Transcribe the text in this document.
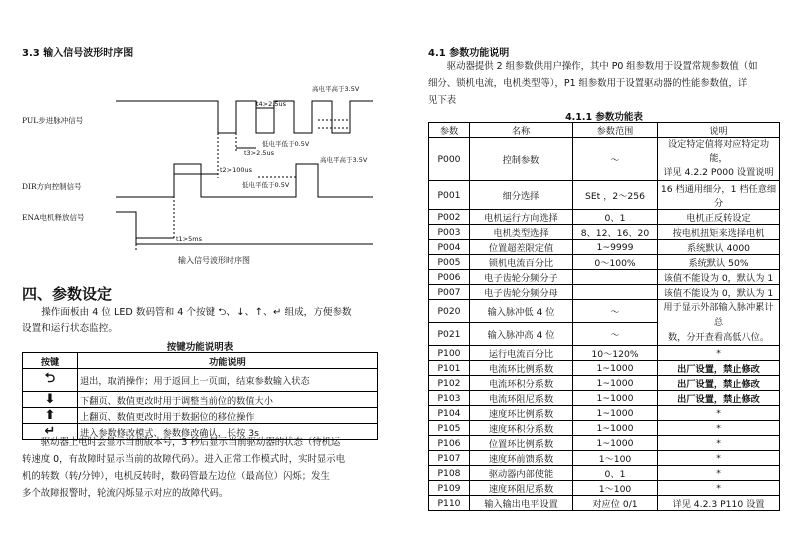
3.3 输入信号波形时序图
PUL步进脉冲信号
DIR方向控制信号
ENA电机释放信号
t4>2.5us
高电平高于3.5V
低电平低于0.5V
t3>2.5us
高电平高于3.5V
t2>100us
低电平低于0.5V
t1>5ms
输入信号波形时序图
四、参数设定
操作面板由 4 位 LED 数码管和 4 个按键 ⮌、↓、↑、↵ 组成，方便参数
设置和运行状态监控。
按键功能说明表
按键	功能说明
⮌	退出，取消操作；用于返回上一页面，结束参数输入状态
⬇	下翻页、数值更改时用于调整当前位的数值大小
⬆	上翻页、数值更改时用于数据位的移位操作
↵	进入参数修改模式、参数修改确认，长按 3s
驱动器上电时会显示当前版本号，3 秒后显示当前驱动器的状态（待机运
转速度 0，有故障时显示当前的故障代码）。进入正常工作模式时，实时显示电
机的转数（转/分钟），电机反转时，数码管最左边位（最高位）闪烁；发生
多个故障报警时，轮流闪烁显示对应的故障代码。
4.1 参数功能说明
驱动器提供 2 组参数供用户操作，其中 P0 组参数用于设置常规参数值（如
细分、锁机电流，电机类型等），P1 组参数用于设置驱动器的性能参数值，详
见下表
4.1.1 参数功能表
参数	名称	参数范围	说明
P000	控制参数	～	设定特定值将对应特定功能，
详见 4.2.2 P000 设置说明
P001	细分选择	SEt ，2～256	16 档通用细分，1 档任意细分
P002	电机运行方向选择	0、1	电机正反转设定
P003	电机类型选择	8、12、16、20	按电机扭矩来选择电机
P004	位置超差限定值	1~9999	系统默认 4000
P005	锁机电流百分比	0～100%	系统默认 50%
P006	电子齿轮分频分子		该值不能设为 0，默认为 1
P007	电子齿轮分频分母		该值不能设为 0，默认为 1
P020	输入脉冲低 4 位	～	用于显示外部输入脉冲累计总
数，分开查看高低八位。
P021	输入脉冲高 4 位	～	
P100	运行电流百分比	10～120%	*
P101	电流环比例系数	1~1000	出厂设置，禁止修改
P102	电流环积分系数	1~1000	出厂设置，禁止修改
P103	电流环阻尼系数	1~1000	出厂设置，禁止修改
P104	速度环比例系数	1~1000	*
P105	速度环积分系数	1~1000	*
P106	位置环比例系数	1~1000	*
P107	速度环前馈系数	1～100	*
P108	驱动器内部使能	0、1	*
P109	速度环阻尼系数	1～100	*
P110	输入输出电平设置	对应位 0/1	详见 4.2.3 P110 设置
